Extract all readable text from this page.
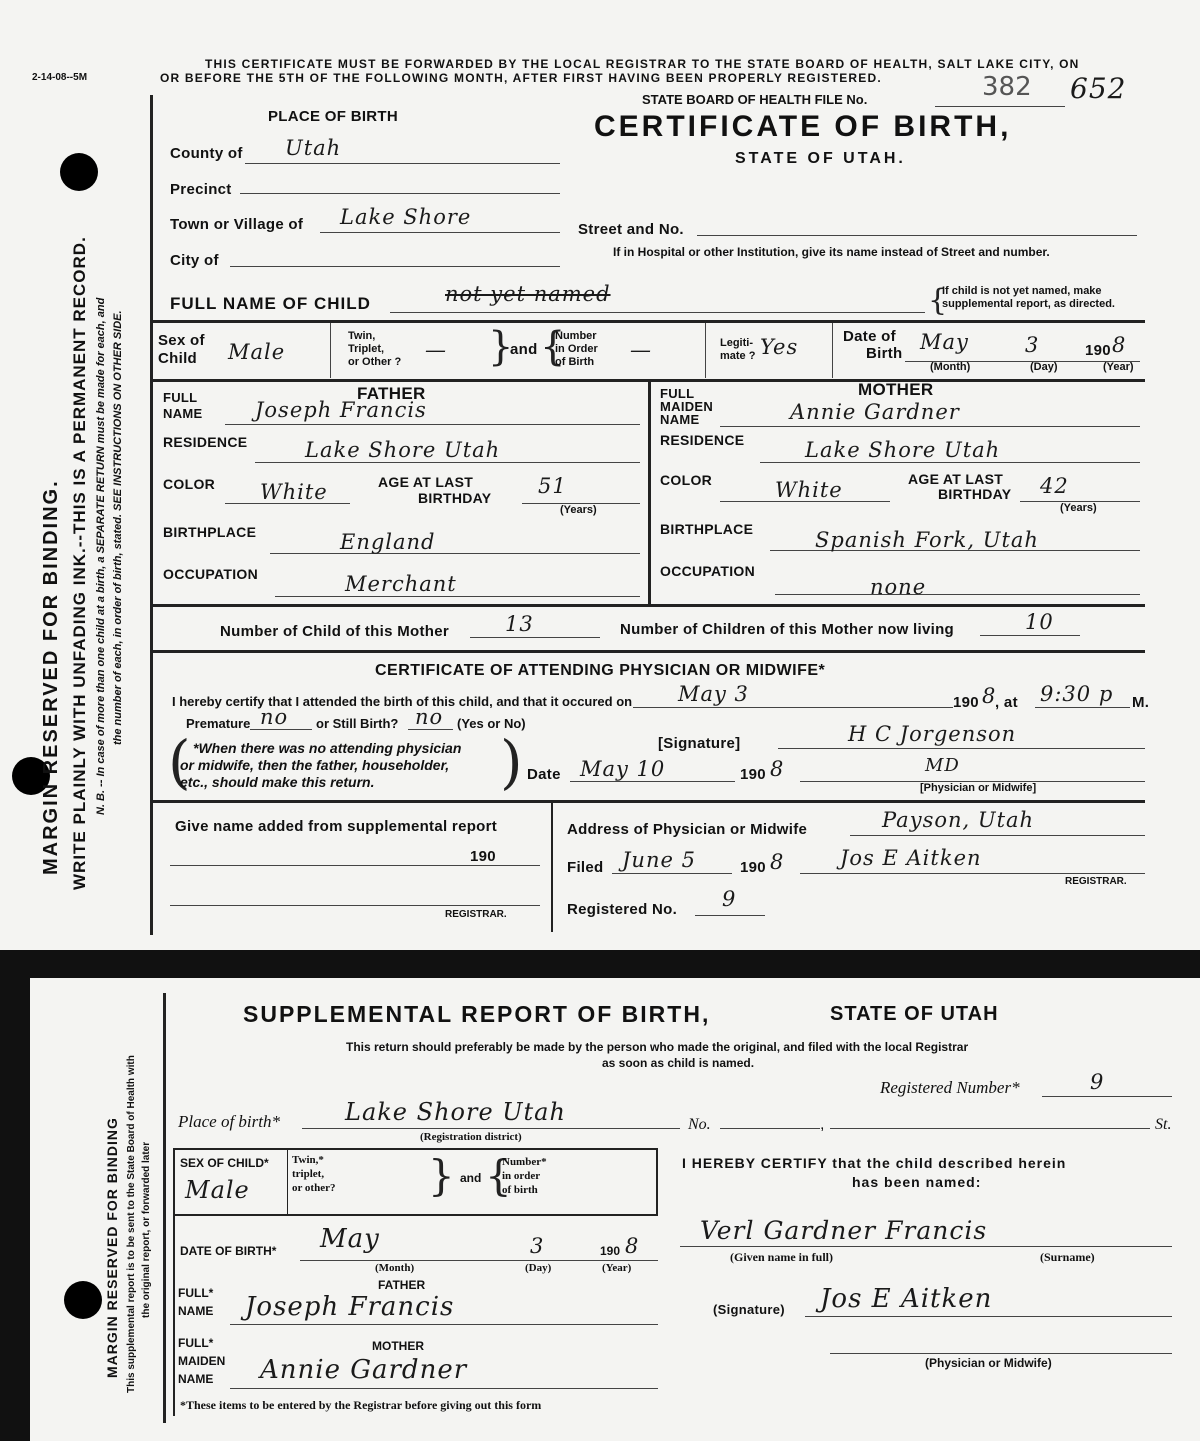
2-14-08--5M
MARGIN RESERVED FOR BINDING. WRITE PLAINLY WITH UNFADING INK.--THIS IS A PERMANENT RECORD. N. B. -- In case of more than one child at a birth, a SEPARATE RETURN must be made for each, and the number of each, in order of birth, stated. SEE INSTRUCTIONS ON OTHER SIDE.
THIS CERTIFICATE MUST BE FORWARDED BY THE LOCAL REGISTRAR TO THE STATE BOARD OF HEALTH, SALT LAKE CITY, ON
OR BEFORE THE 5TH OF THE FOLLOWING MONTH, AFTER FIRST HAVING BEEN PROPERLY REGISTERED.
STATE BOARD OF HEALTH FILE No.	382 652
CERTIFICATE OF BIRTH,
STATE OF UTAH.
PLACE OF BIRTH
County of Utah
Precinct
Town or Village of Lake Shore
City of
Street and No.
If in Hospital or other Institution, give its name instead of Street and number.
FULL NAME OF CHILD	not yet named	{
If child is not yet named, make
supplemental report, as directed.
Sex of
Child Male
Twin,
Triplet,
or Other ? — }
and {
Number
in Order
of Birth —	Legiti-
mate ? Yes	Date of
Birth May	3	190 8
(Month)	(Day)	(Year)
FATHER
FULL
NAME	Joseph Francis
RESIDENCE	Lake Shore Utah
COLOR White	AGE AT LAST
BIRTHDAY 51
(Years)
BIRTHPLACE	England
OCCUPATION	Merchant
MOTHER
FULL
MAIDEN
NAME	Annie Gardner
RESIDENCE	Lake Shore Utah
COLOR	White	AGE AT LAST
BIRTHDAY 42
(Years)
BIRTHPLACE	Spanish Fork, Utah
OCCUPATION
none
Number of Child of this Mother	13	Number of Children of this Mother now living	10
CERTIFICATE OF ATTENDING PHYSICIAN OR MIDWIFE*
I hereby certify that I attended the birth of this child, and that it occured on May 3	190 8
, at 9:30 p M.
Premature no or Still Birth? no (Yes or No)
( *When there was no attending physician
or midwife, then the father, householder,
etc., should make this return. )	[Signature]	H C Jorgenson
Date May 10	190 8	MD
[Physician or Midwife]
Give name added from supplemental report
190
REGISTRAR.
Address of Physician or Midwife	Payson, Utah
Filed June 5	190 8	Jos E Aitken
REGISTRAR.
Registered No. 9
MARGIN RESERVED FOR BINDING This supplemental report is to be sent to the State Board of Health with the original report, or forwarded later
SUPPLEMENTAL REPORT OF BIRTH,	STATE OF UTAH
This return should preferably be made by the person who made the original, and filed with the local Registrar
as soon as child is named.
Registered Number*	9
Place of birth*	Lake Shore Utah	No.	,	St.
(Registration district)
SEX OF CHILD*
Male
Twin,*
triplet,
or other? } and {
Number*
in order
of birth
I HEREBY CERTIFY that the child described herein
has been named:
Verl Gardner Francis
(Given name in full)	(Surname)
DATE OF BIRTH* May	3	190 8
(Month)	(Day)	(Year)
FATHER
FULL*
NAME Joseph Francis
MOTHER
FULL*
MAIDEN
NAME Annie Gardner
*These items to be entered by the Registrar before giving out this form
(Signature) Jos E Aitken
(Physician or Midwife)
